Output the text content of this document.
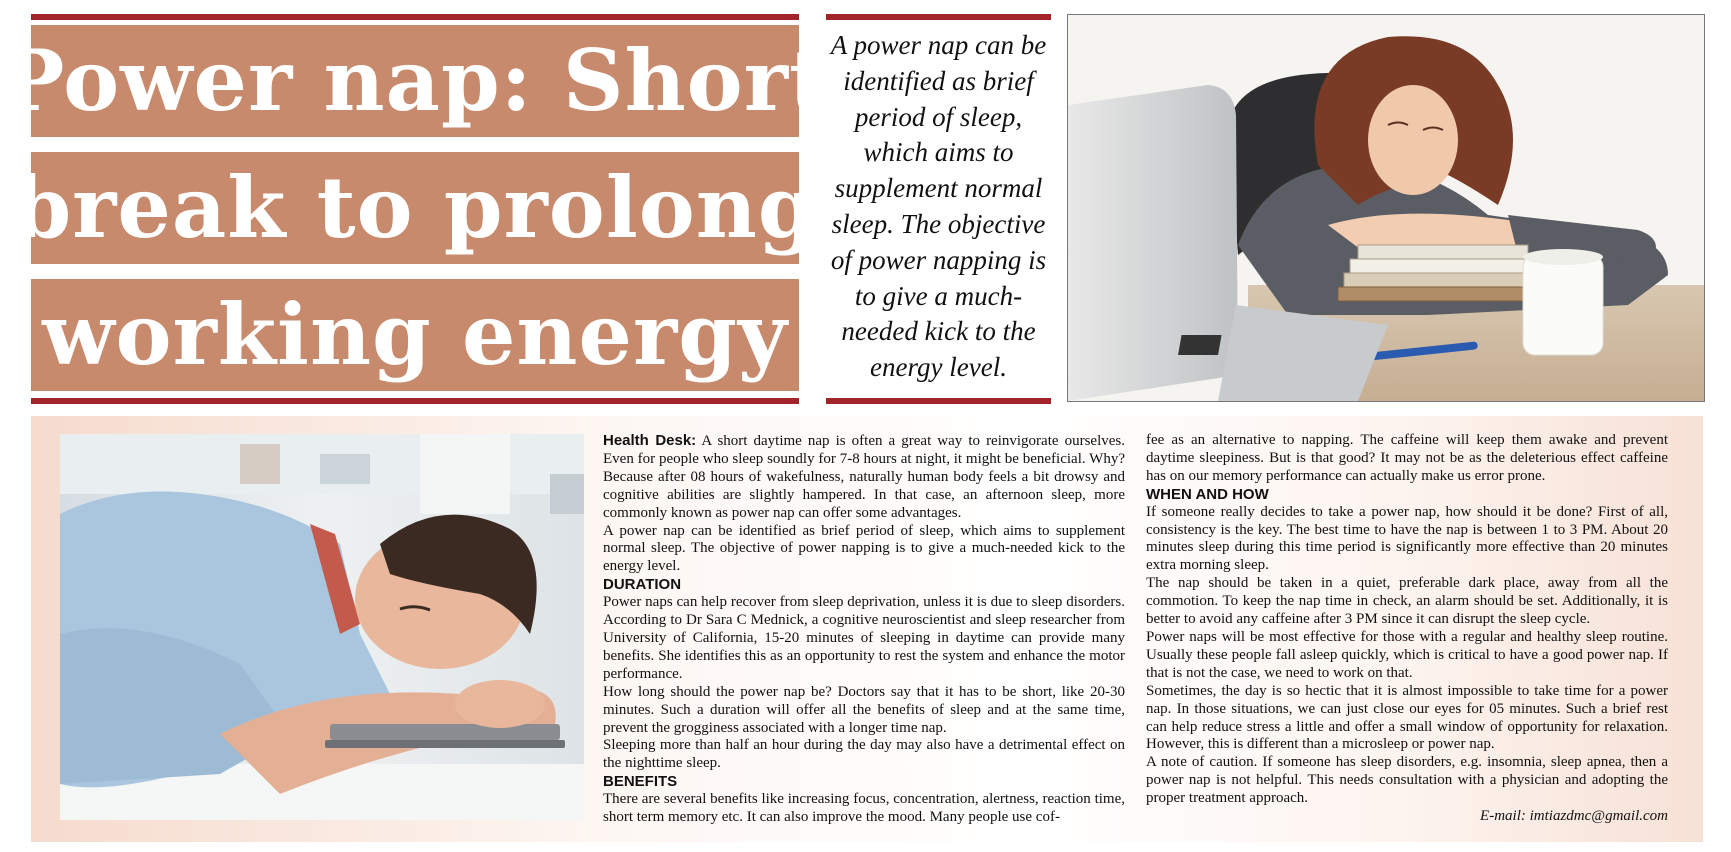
Power nap: Short
break to prolong
working energy
A power nap can be identified as brief period of sleep, which aims to supplement normal sleep. The objective of power napping is to give a much-needed kick to the energy level.

Health Desk: A short daytime nap is often a great way to reinvigorate ourselves. Even for people who sleep soundly for 7-8 hours at night, it might be beneficial. Why? Because after 08 hours of wakefulness, naturally human body feels a bit drowsy and cognitive abilities are slightly hampered. In that case, an afternoon sleep, more commonly known as power nap can offer some advantages.

A power nap can be identified as brief period of sleep, which aims to supplement normal sleep. The objective of power napping is to give a much-needed kick to the energy level.

DURATION

Power naps can help recover from sleep deprivation, unless it is due to sleep disorders. According to Dr Sara C Mednick, a cognitive neuroscientist and sleep researcher from University of California, 15-20 minutes of sleeping in daytime can provide many benefits. She identifies this as an opportunity to rest the system and enhance the motor performance.

How long should the power nap be? Doctors say that it has to be short, like 20-30 minutes. Such a duration will offer all the benefits of sleep and at the same time, prevent the grogginess associated with a longer time nap.

Sleeping more than half an hour during the day may also have a detrimental effect on the nighttime sleep.

BENEFITS

There are several benefits like increasing focus, concentration, alertness, reaction time, short term memory etc. It can also improve the mood. Many people use cof-

fee as an alternative to napping. The caffeine will keep them awake and prevent daytime sleepiness. But is that good? It may not be as the deleterious effect caffeine has on our memory performance can actually make us error prone.

WHEN AND HOW

If someone really decides to take a power nap, how should it be done? First of all, consistency is the key. The best time to have the nap is between 1 to 3 PM. About 20 minutes sleep during this time period is significantly more effective than 20 minutes extra morning sleep.

The nap should be taken in a quiet, preferable dark place, away from all the commotion. To keep the nap time in check, an alarm should be set. Additionally, it is better to avoid any caffeine after 3 PM since it can disrupt the sleep cycle.

Power naps will be most effective for those with a regular and healthy sleep routine. Usually these people fall asleep quickly, which is critical to have a good power nap. If that is not the case, we need to work on that.

Sometimes, the day is so hectic that it is almost impossible to take time for a power nap. In those situations, we can just close our eyes for 05 minutes. Such a brief rest can help reduce stress a little and offer a small window of opportunity for relaxation. However, this is different than a microsleep or power nap.

A note of caution. If someone has sleep disorders, e.g. insomnia, sleep apnea, then a power nap is not helpful. This needs consultation with a physician and adopting the proper treatment approach.

E-mail: imtiazdmc@gmail.com
